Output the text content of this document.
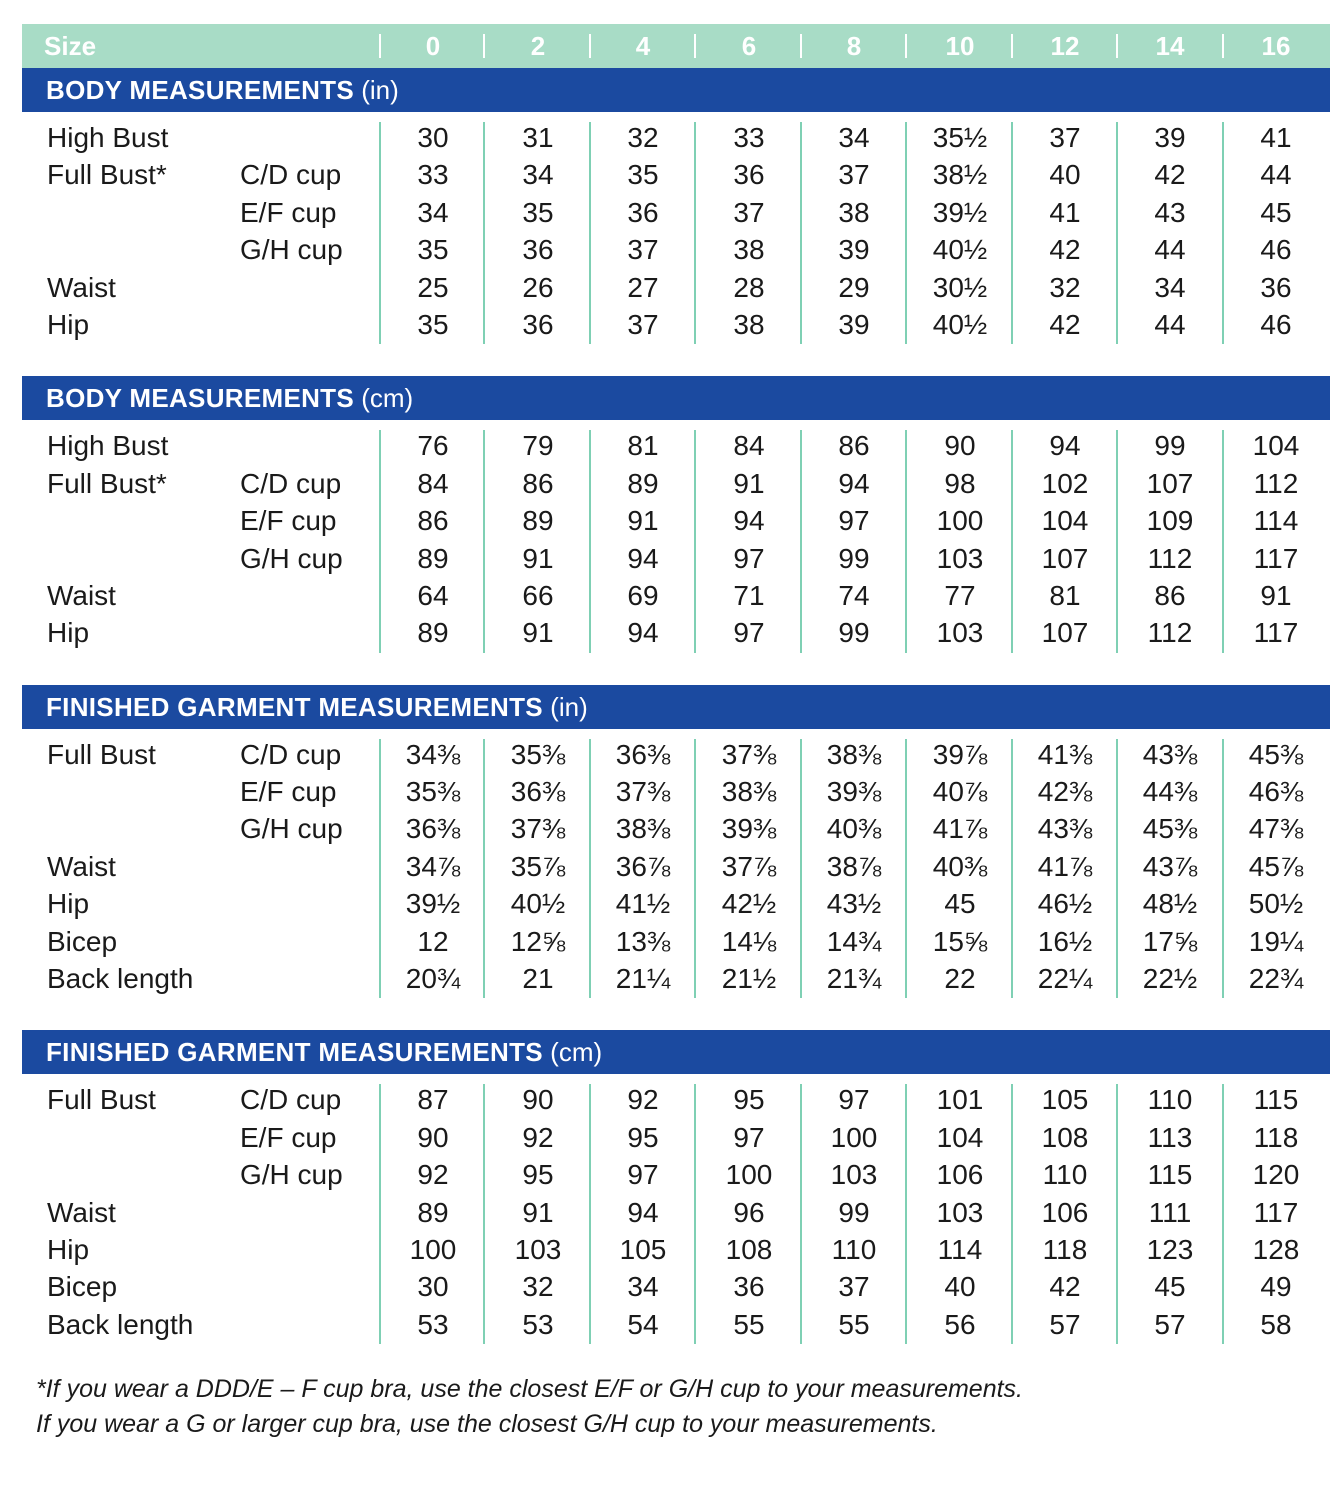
Size	0	2	4	6	8	10	12	14	16
BODY MEASUREMENTS (in)
High Bust	30	31	32	33	34	35½	37	39	41
Full Bust*	C/D cup	33	34	35	36	37	38½	40	42	44
E/F cup	34	35	36	37	38	39½	41	43	45
G/H cup	35	36	37	38	39	40½	42	44	46
Waist	25	26	27	28	29	30½	32	34	36
Hip	35	36	37	38	39	40½	42	44	46
BODY MEASUREMENTS (cm)
High Bust	76	79	81	84	86	90	94	99	104
Full Bust*	C/D cup	84	86	89	91	94	98	102	107	112
E/F cup	86	89	91	94	97	100	104	109	114
G/H cup	89	91	94	97	99	103	107	112	117
Waist	64	66	69	71	74	77	81	86	91
Hip	89	91	94	97	99	103	107	112	117
FINISHED GARMENT MEASUREMENTS (in)
Full Bust	C/D cup	34⅜	35⅜	36⅜	37⅜	38⅜	39⅞	41⅜	43⅜	45⅜
E/F cup	35⅜	36⅜	37⅜	38⅜	39⅜	40⅞	42⅜	44⅜	46⅜
G/H cup	36⅜	37⅜	38⅜	39⅜	40⅜	41⅞	43⅜	45⅜	47⅜
Waist	34⅞	35⅞	36⅞	37⅞	38⅞	40⅜	41⅞	43⅞	45⅞
Hip	39½	40½	41½	42½	43½	45	46½	48½	50½
Bicep	12	12⅝	13⅜	14⅛	14¾	15⅝	16½	17⅝	19¼
Back length	20¾	21	21¼	21½	21¾	22	22¼	22½	22¾
FINISHED GARMENT MEASUREMENTS (cm)
Full Bust	C/D cup	87	90	92	95	97	101	105	110	115
E/F cup	90	92	95	97	100	104	108	113	118
G/H cup	92	95	97	100	103	106	110	115	120
Waist	89	91	94	96	99	103	106	111	117
Hip	100	103	105	108	110	114	118	123	128
Bicep	30	32	34	36	37	40	42	45	49
Back length	53	53	54	55	55	56	57	57	58
*If you wear a DDD/E – F cup bra, use the closest E/F or G/H cup to your measurements.
If you wear a G or larger cup bra, use the closest G/H cup to your measurements.
